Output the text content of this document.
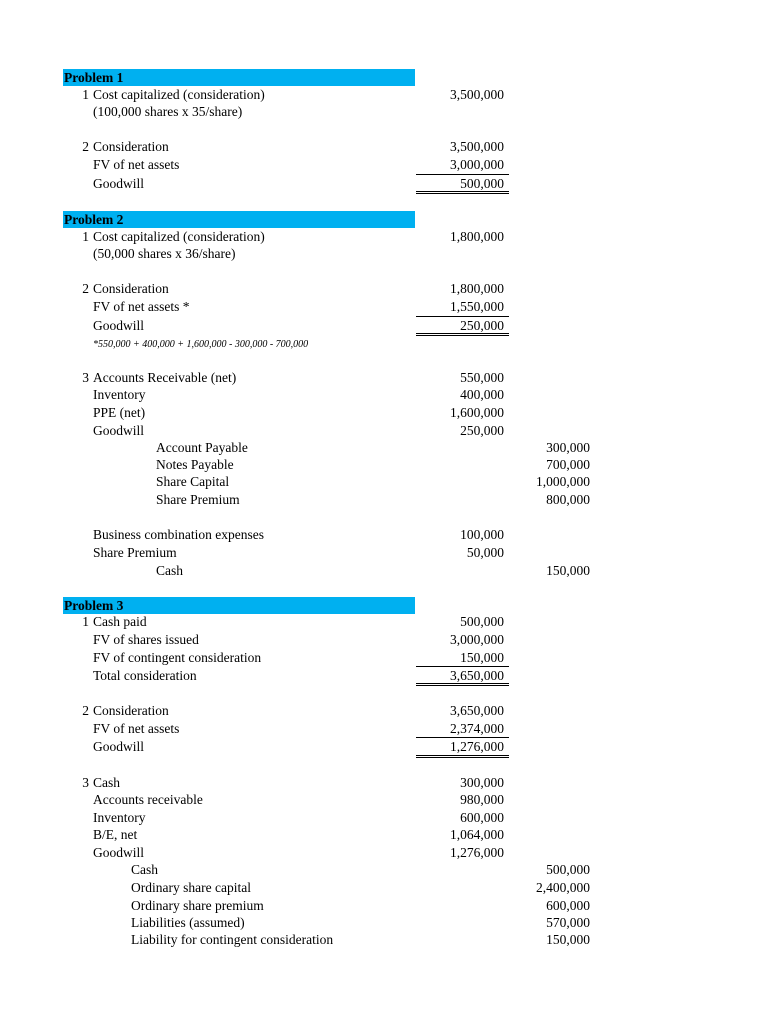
Problem 1
1 Cost capitalized (consideration)	3,500,000
(100,000 shares x 35/share)
2 Consideration	3,500,000
FV of net assets	3,000,000
Goodwill	500,000
Problem 2
1 Cost capitalized (consideration)	1,800,000
(50,000 shares x 36/share)
2 Consideration	1,800,000
FV of net assets *	1,550,000
Goodwill	250,000
*550,000 + 400,000 + 1,600,000 - 300,000 - 700,000
3 Accounts Receivable (net)	550,000
Inventory	400,000
PPE (net)	1,600,000
Goodwill	250,000
Account Payable	300,000
Notes Payable	700,000
Share Capital	1,000,000
Share Premium	800,000
Business combination expenses	100,000
Share Premium	50,000
Cash	150,000
Problem 3
1 Cash paid	500,000
FV of shares issued	3,000,000
FV of contingent consideration	150,000
Total consideration	3,650,000
2 Consideration	3,650,000
FV of net assets	2,374,000
Goodwill	1,276,000
3 Cash	300,000
Accounts receivable	980,000
Inventory	600,000
B/E, net	1,064,000
Goodwill	1,276,000
Cash	500,000
Ordinary share capital	2,400,000
Ordinary share premium	600,000
Liabilities (assumed)	570,000
Liability for contingent consideration	150,000
